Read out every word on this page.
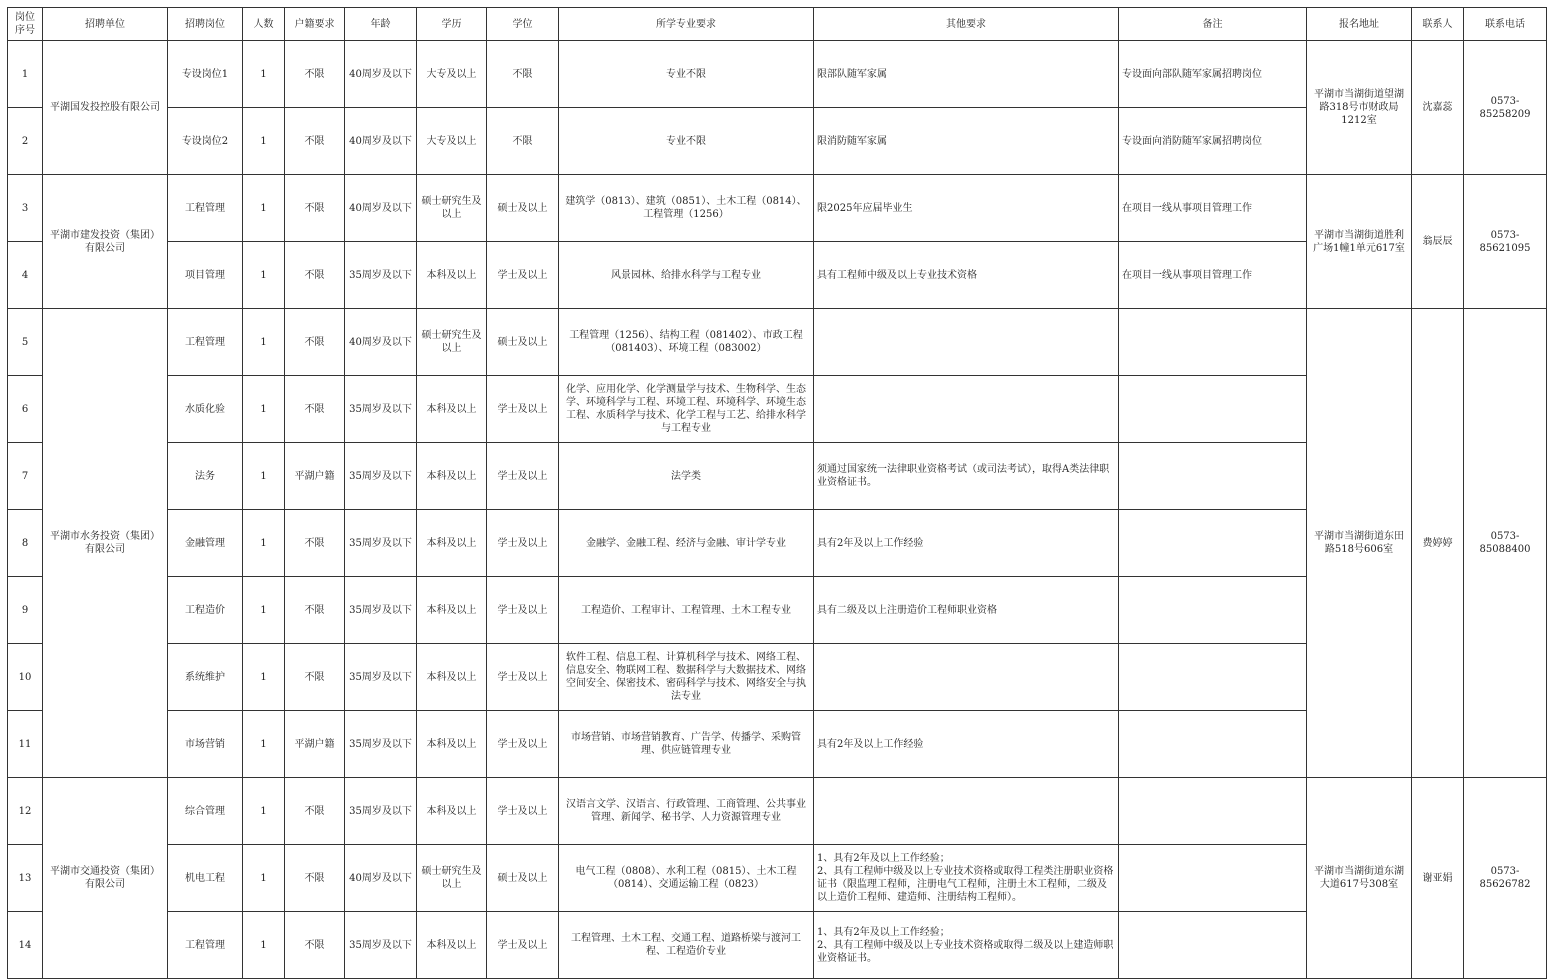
岗位序号	招聘单位	招聘岗位	人数	户籍要求	年龄	学历	学位	所学专业要求	其他要求	备注	报名地址	联系人	联系电话
1	平湖国发投控股有限公司	专设岗位1	1	不限	40周岁及以下	大专及以上	不限	专业不限	限部队随军家属	专设面向部队随军家属招聘岗位	平湖市当湖街道望湖路318号市财政局1212室	沈嘉蕊	0573-85258209
2		专设岗位2	1	不限	40周岁及以下	大专及以上	不限	专业不限	限消防随军家属	专设面向消防随军家属招聘岗位			
3	平湖市建发投资（集团）有限公司	工程管理	1	不限	40周岁及以下	硕士研究生及以上	硕士及以上	建筑学（0813）、建筑（0851）、土木工程（0814）、工程管理（1256）	限2025年应届毕业生	在项目一线从事项目管理工作	平湖市当湖街道胜利广场1幢1单元617室	翁辰辰	0573-85621095
4		项目管理	1	不限	35周岁及以下	本科及以上	学士及以上	风景园林、给排水科学与工程专业	具有工程师中级及以上专业技术资格	在项目一线从事项目管理工作			
5	平湖市水务投资（集团）有限公司	工程管理	1	不限	40周岁及以下	硕士研究生及以上	硕士及以上	工程管理（1256）、结构工程（081402）、市政工程（081403）、环境工程（083002）			平湖市当湖街道东田路518号606室	费婷婷	0573-85088400
6		水质化验	1	不限	35周岁及以下	本科及以上	学士及以上	化学、应用化学、化学测量学与技术、生物科学、生态学、环境科学与工程、环境工程、环境科学、环境生态工程、水质科学与技术、化学工程与工艺、给排水科学与工程专业					
7		法务	1	平湖户籍	35周岁及以下	本科及以上	学士及以上	法学类	须通过国家统一法律职业资格考试（或司法考试），取得A类法律职业资格证书。				
8		金融管理	1	不限	35周岁及以下	本科及以上	学士及以上	金融学、金融工程、经济与金融、审计学专业	具有2年及以上工作经验				
9		工程造价	1	不限	35周岁及以下	本科及以上	学士及以上	工程造价、工程审计、工程管理、土木工程专业	具有二级及以上注册造价工程师职业资格				
10		系统维护	1	不限	35周岁及以下	本科及以上	学士及以上	软件工程、信息工程、计算机科学与技术、网络工程、信息安全、物联网工程、数据科学与大数据技术、网络空间安全、保密技术、密码科学与技术、网络安全与执法专业					
11		市场营销	1	平湖户籍	35周岁及以下	本科及以上	学士及以上	市场营销、市场营销教育、广告学、传播学、采购管理、供应链管理专业	具有2年及以上工作经验				
12	平湖市交通投资（集团）有限公司	综合管理	1	不限	35周岁及以下	本科及以上	学士及以上	汉语言文学、汉语言、行政管理、工商管理、公共事业管理、新闻学、秘书学、人力资源管理专业			平湖市当湖街道东湖大道617号308室	谢亚娟	0573-85626782
13		机电工程	1	不限	40周岁及以下	硕士研究生及以上	硕士及以上	电气工程（0808）、水利工程（0815）、土木工程（0814）、交通运输工程（0823）	1、具有2年及以上工作经验；
2、具有工程师中级及以上专业技术资格或取得工程类注册职业资格证书（限监理工程师，注册电气工程师，注册土木工程师，二级及以上造价工程师、建造师、注册结构工程师）。				
14		工程管理	1	不限	35周岁及以下	本科及以上	学士及以上	工程管理、土木工程、交通工程、道路桥梁与渡河工程、工程造价专业	1、具有2年及以上工作经验；
2、具有工程师中级及以上专业技术资格或取得二级及以上建造师职业资格证书。				
